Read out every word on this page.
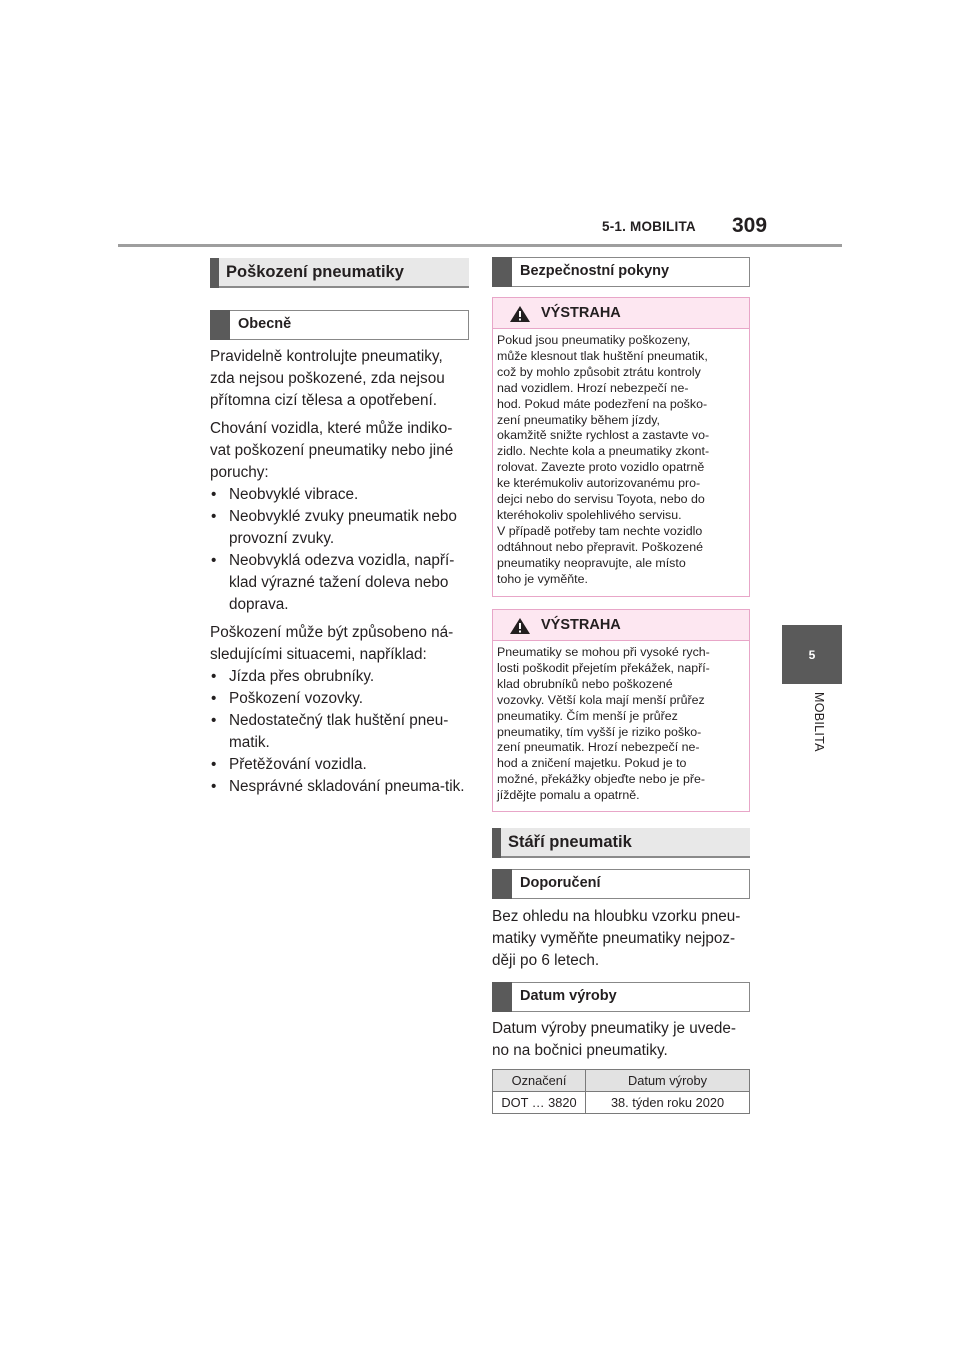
5-1. MOBILITA 309
5
MOBILITA
Poškození pneumatiky
Obecně

Pravidelně kontrolujte pneumatiky, zda nejsou poškozené, zda nejsou přítomna cizí tělesa a opotřebení.

Chování vozidla, které může indiko-vat poškození pneumatiky nebo jiné poruchy:

• Neobvyklé vibrace.
• Neobvyklé zvuky pneumatik nebo provozní zvuky.
• Neobvyklá odezva vozidla, napří-klad výrazné tažení doleva nebo doprava.

Poškození může být způsobeno ná-sledujícími situacemi, například:

• Jízda přes obrubníky.
• Poškození vozovky.
• Nedostatečný tlak huštění pneu-matik.
• Přetěžování vozidla.
• Nesprávné skladování pneuma-tik.
Bezpečnostní pokyny
VÝSTRAHA
Pokud jsou pneumatiky poškozeny,
může klesnout tlak huštění pneumatik,
což by mohlo způsobit ztrátu kontroly
nad vozidlem. Hrozí nebezpečí ne-
hod. Pokud máte podezření na poško-
zení pneumatiky během jízdy,
okamžitě snižte rychlost a zastavte vo-
zidlo. Nechte kola a pneumatiky zkont-
rolovat. Zavezte proto vozidlo opatrně
ke kterémukoliv autorizovanému pro-
dejci nebo do servisu Toyota, nebo do
kteréhokoliv spolehlivého servisu.
V případě potřeby tam nechte vozidlo
odtáhnout nebo přepravit. Poškozené
pneumatiky neopravujte, ale místo
toho je vyměňte.
VÝSTRAHA
Pneumatiky se mohou při vysoké rych-
losti poškodit přejetím překážek, napří-
klad obrubníků nebo poškozené
vozovky. Větší kola mají menší průřez
pneumatiky. Čím menší je průřez
pneumatiky, tím vyšší je riziko poško-
zení pneumatik. Hrozí nebezpečí ne-
hod a zničení majetku. Pokud je to
možné, překážky objeďte nebo je pře-
jíždějte pomalu a opatrně.
Stáří pneumatik
Doporučení

Bez ohledu na hloubku vzorku pneu-matiky vyměňte pneumatiky nejpoz-ději po 6 letech.

Datum výroby

Datum výroby pneumatiky je uvede-no na bočnici pneumatiky.

Označení	Datum výroby
DOT … 3820	38. týden roku 2020
